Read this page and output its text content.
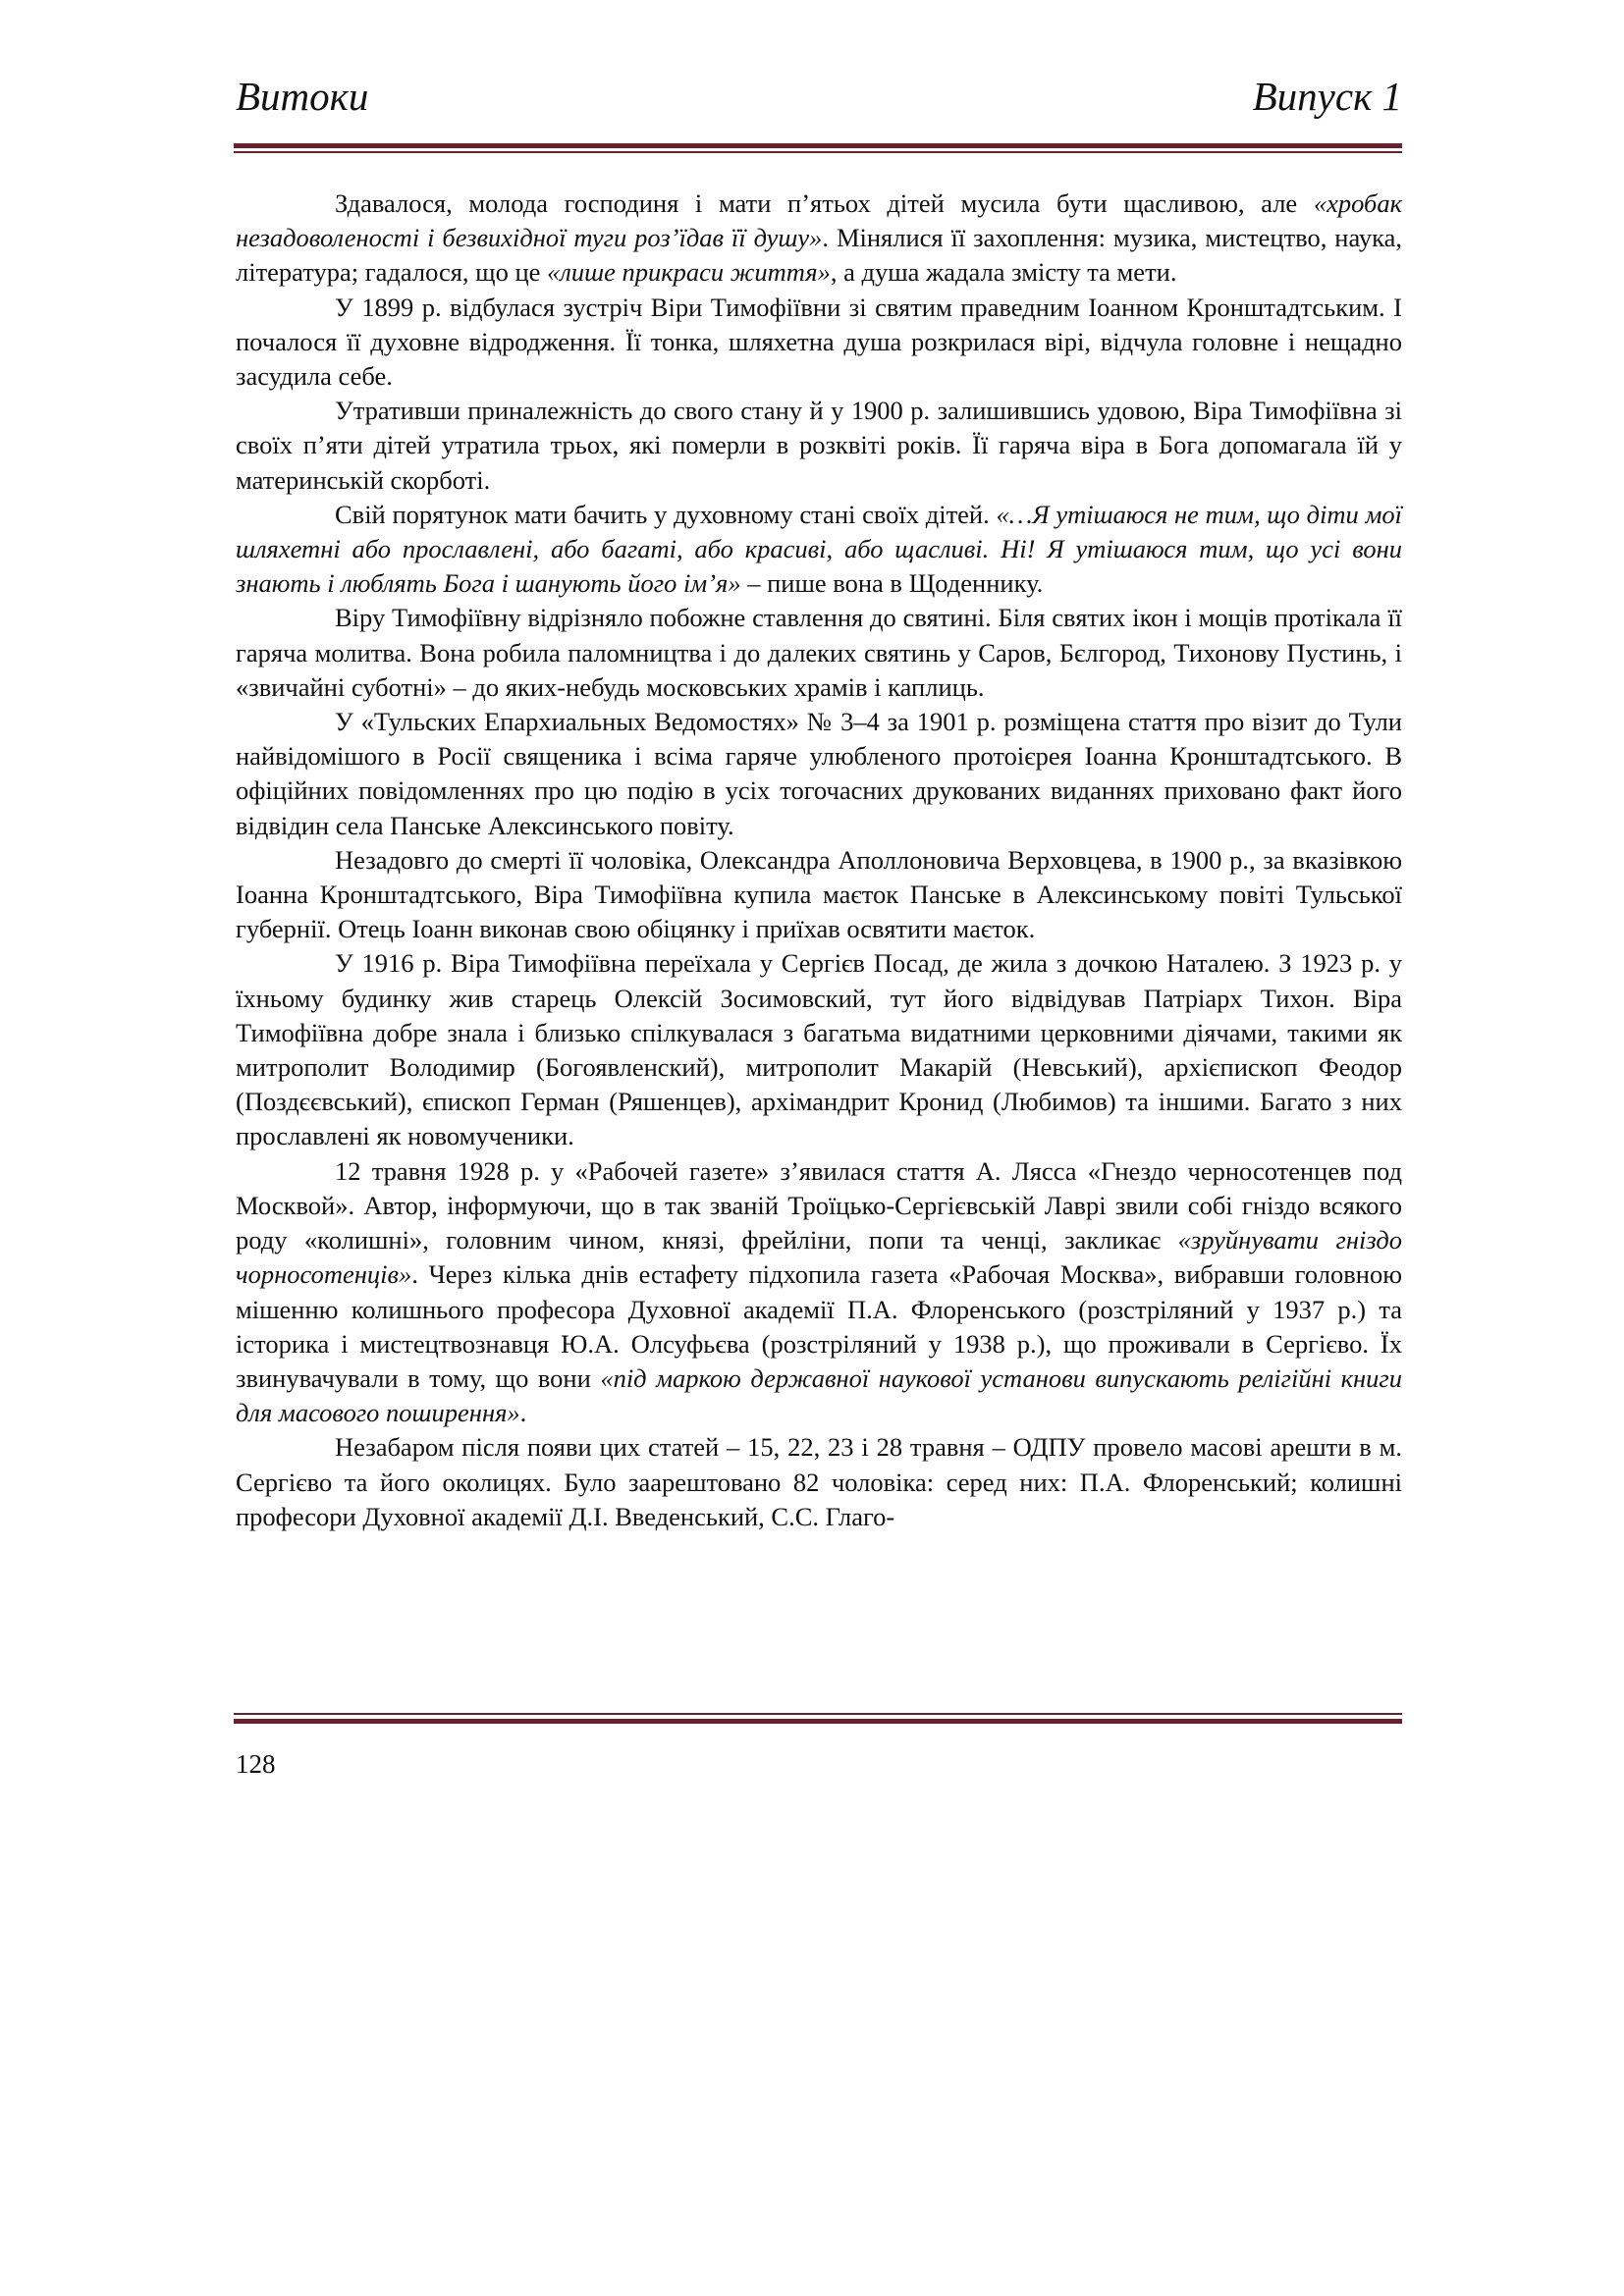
Витоки	Випуск 1

Здавалося, молода господиня і мати п’ятьох дітей мусила бути щасливою, але «хробак незадоволеності і безвихідної туги роз’їдав її душу». Мінялися її захоплення: музика, мистецтво, наука, література; гадалося, що це «лише прикраси життя», а душа жадала змісту та мети.

У 1899 р. відбулася зустріч Віри Тимофіївни зі святим праведним Іоанном Кронштадтським. І почалося її духовне відродження. Її тонка, шляхетна душа розкрилася вірі, відчула головне і нещадно засудила себе.

Утративши приналежність до свого стану й у 1900 р. залишившись удовою, Віра Тимофіївна зі своїх п’яти дітей утратила трьох, які померли в розквіті років. Її гаряча віра в Бога допомагала їй у материнській скорботі.

Свій порятунок мати бачить у духовному стані своїх дітей. «…Я утішаюся не тим, що діти мої шляхетні або прославлені, або багаті, або красиві, або щасливі. Ні! Я утішаюся тим, що усі вони знають і люблять Бога і шанують його ім’я» – пише вона в Щоденнику.

Віру Тимофіївну відрізняло побожне ставлення до святині. Біля святих ікон і мощів протікала її гаряча молитва. Вона робила паломництва і до далеких святинь у Саров, Бєлгород, Тихонову Пустинь, і «звичайні суботні» – до яких-небудь московських храмів і каплиць.

У «Тульских Епархиальных Ведомостях» № 3–4 за 1901 р. розміщена стаття про візит до Тули найвідомішого в Росії священика і всіма гаряче улюбленого протоієрея Іоанна Кронштадтського. В офіційних повідомленнях про цю подію в усіх тогочасних друкованих виданнях приховано факт його відвідин села Панське Алексинського повіту.

Незадовго до смерті її чоловіка, Олександра Аполлоновича Верховцева, в 1900 р., за вказівкою Іоанна Кронштадтського, Віра Тимофіївна купила маєток Панське в Алексинському повіті Тульської губернії. Отець Іоанн виконав свою обіцянку і приїхав освятити маєток.

У 1916 р. Віра Тимофіївна переїхала у Сергієв Посад, де жила з дочкою Наталею. З 1923 р. у їхньому будинку жив старець Олексій Зосимовский, тут його відвідував Патріарх Тихон. Віра Тимофіївна добре знала і близько спілкувалася з багатьма видатними церковними діячами, такими як митрополит Володимир (Богоявленский), митрополит Макарій (Невський), архієпископ Феодор (Поздєєвський), єпископ Герман (Ряшенцев), архімандрит Кронид (Любимов) та іншими. Багато з них прославлені як новомученики.

12 травня 1928 р. у «Рабочей газете» з’явилася стаття А. Лясса «Гнездо черносотенцев под Москвой». Автор, інформуючи, що в так званій Троїцько-Сергієвській Лаврі звили собі гніздо всякого роду «колишні», головним чином, князі, фрейліни, попи та ченці, закликає «зруйнувати гніздо чорносотенців». Через кілька днів естафету підхопила газета «Рабочая Москва», вибравши головною мішенню колишнього професора Духовної академії П.А. Флоренського (розстріляний у 1937 р.) та історика і мистецтвознавця Ю.А. Олсуфьєва (розстріляний у 1938 р.), що проживали в Сергієво. Їх звинувачували в тому, що вони «під маркою державної наукової установи випускають релігійні книги для масового поширення».

Незабаром після появи цих статей – 15, 22, 23 і 28 травня – ОДПУ провело масові арешти в м. Сергієво та його околицях. Було заарештовано 82 чоловіка: серед них: П.А. Флоренський; колишні професори Духовної академії Д.І. Введенський, С.С. Глаго-

128
